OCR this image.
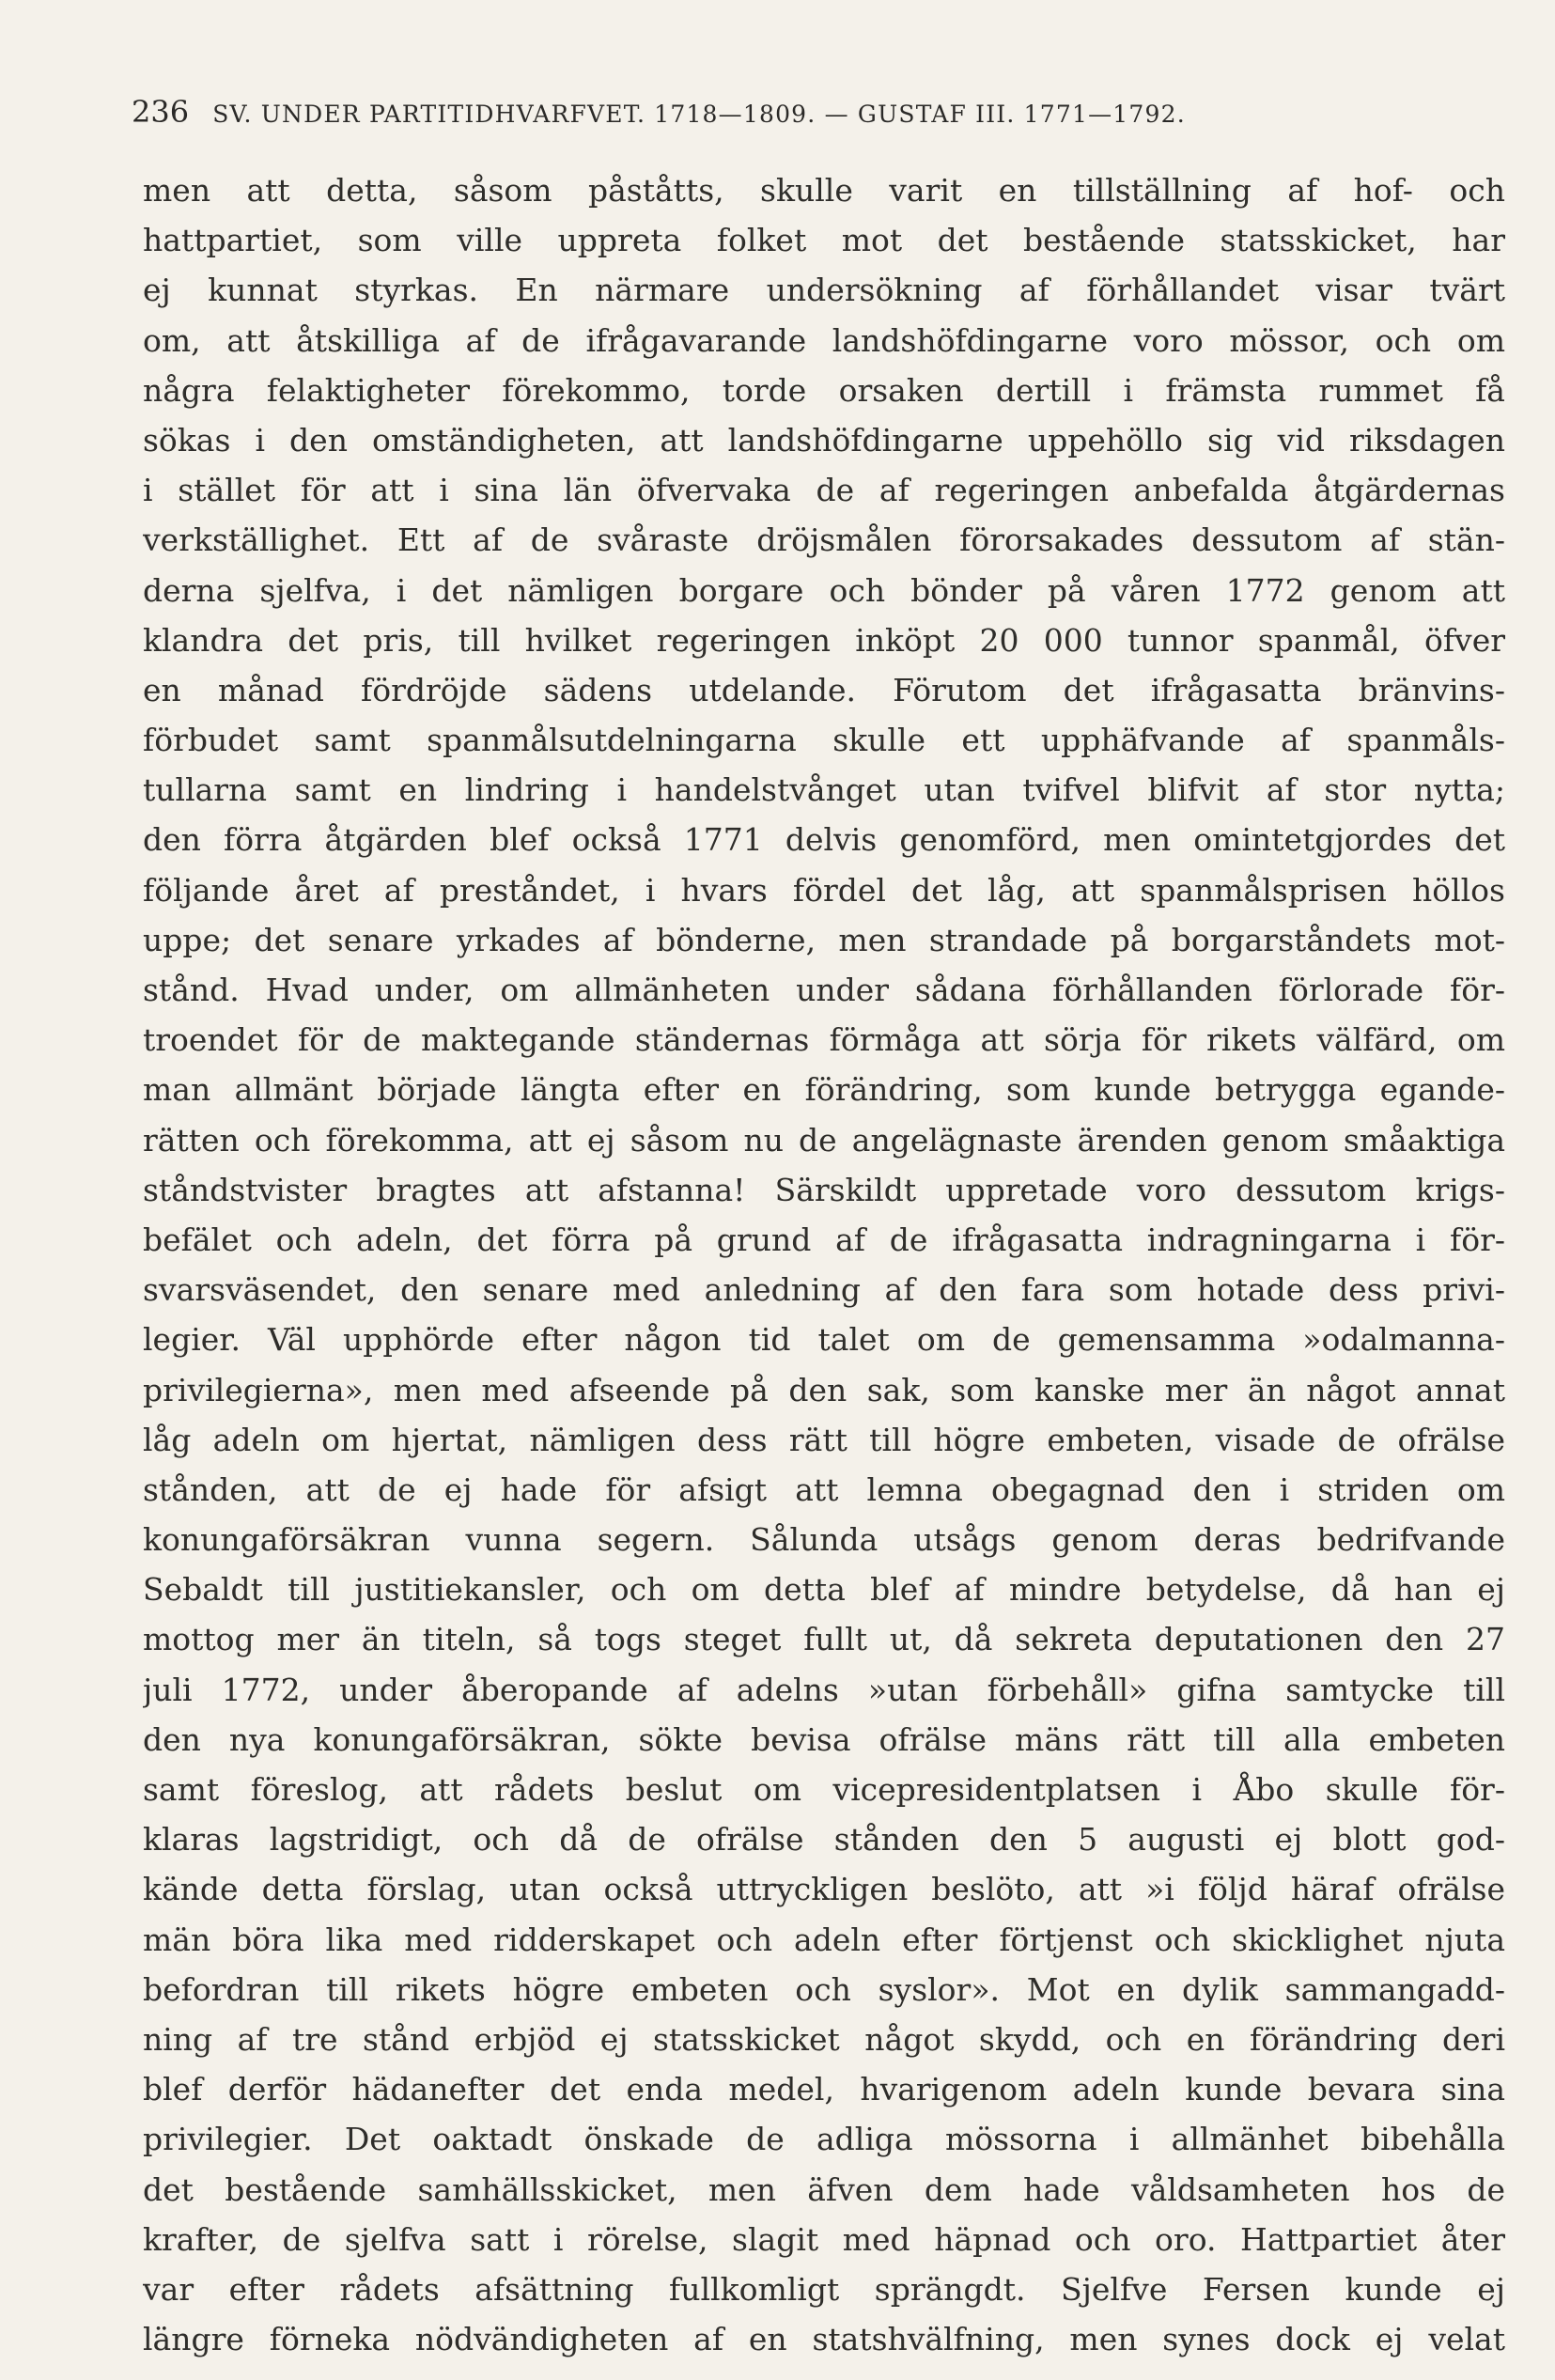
236 SV. UNDER PARTITIDHVARFVET. 1718—1809. — GUSTAF III. 1771—1792.
men att detta, såsom påståtts, skulle varit en tillställning af hof- och
hattpartiet, som ville uppreta folket mot det bestående statsskicket, har
ej kunnat styrkas. En närmare undersökning af förhållandet visar tvärt
om, att åtskilliga af de ifrågavarande landshöfdingarne voro mössor, och om
några felaktigheter förekommo, torde orsaken dertill i främsta rummet få
sökas i den omständigheten, att landshöfdingarne uppehöllo sig vid riksdagen
i stället för att i sina län öfvervaka de af regeringen anbefalda åtgärdernas
verkställighet. Ett af de svåraste dröjsmålen förorsakades dessutom af stän-
derna sjelfva, i det nämligen borgare och bönder på våren 1772 genom att
klandra det pris, till hvilket regeringen inköpt 20 000 tunnor spanmål, öfver
en månad fördröjde sädens utdelande. Förutom det ifrågasatta bränvins-
förbudet samt spanmålsutdelningarna skulle ett upphäfvande af spanmåls-
tullarna samt en lindring i handelstvånget utan tvifvel blifvit af stor nytta;
den förra åtgärden blef också 1771 delvis genomförd, men omintetgjordes det
följande året af preståndet, i hvars fördel det låg, att spanmålsprisen höllos
uppe; det senare yrkades af bönderne, men strandade på borgarståndets mot-
stånd. Hvad under, om allmänheten under sådana förhållanden förlorade för-
troendet för de maktegande ständernas förmåga att sörja för rikets välfärd, om
man allmänt började längta efter en förändring, som kunde betrygga egande-
rätten och förekomma, att ej såsom nu de angelägnaste ärenden genom småaktiga
ståndstvister bragtes att afstanna! Särskildt uppretade voro dessutom krigs-
befälet och adeln, det förra på grund af de ifrågasatta indragningarna i för-
svarsväsendet, den senare med anledning af den fara som hotade dess privi-
legier. Väl upphörde efter någon tid talet om de gemensamma »odalmanna-
privilegierna», men med afseende på den sak, som kanske mer än något annat
låg adeln om hjertat, nämligen dess rätt till högre embeten, visade de ofrälse
stånden, att de ej hade för afsigt att lemna obegagnad den i striden om
konungaförsäkran vunna segern. Sålunda utsågs genom deras bedrifvande
Sebaldt till justitiekansler, och om detta blef af mindre betydelse, då han ej
mottog mer än titeln, så togs steget fullt ut, då sekreta deputationen den 27
juli 1772, under åberopande af adelns »utan förbehåll» gifna samtycke till
den nya konungaförsäkran, sökte bevisa ofrälse mäns rätt till alla embeten
samt föreslog, att rådets beslut om vicepresidentplatsen i Åbo skulle för-
klaras lagstridigt, och då de ofrälse stånden den 5 augusti ej blott god-
kände detta förslag, utan också uttryckligen beslöto, att »i följd häraf ofrälse
män böra lika med ridderskapet och adeln efter förtjenst och skicklighet njuta
befordran till rikets högre embeten och syslor». Mot en dylik sammangadd-
ning af tre stånd erbjöd ej statsskicket något skydd, och en förändring deri
blef derför hädanefter det enda medel, hvarigenom adeln kunde bevara sina
privilegier. Det oaktadt önskade de adliga mössorna i allmänhet bibehålla
det bestående samhällsskicket, men äfven dem hade våldsamheten hos de
krafter, de sjelfva satt i rörelse, slagit med häpnad och oro. Hattpartiet åter
var efter rådets afsättning fullkomligt sprängdt. Sjelfve Fersen kunde ej
längre förneka nödvändigheten af en statshvälfning, men synes dock ej velat
